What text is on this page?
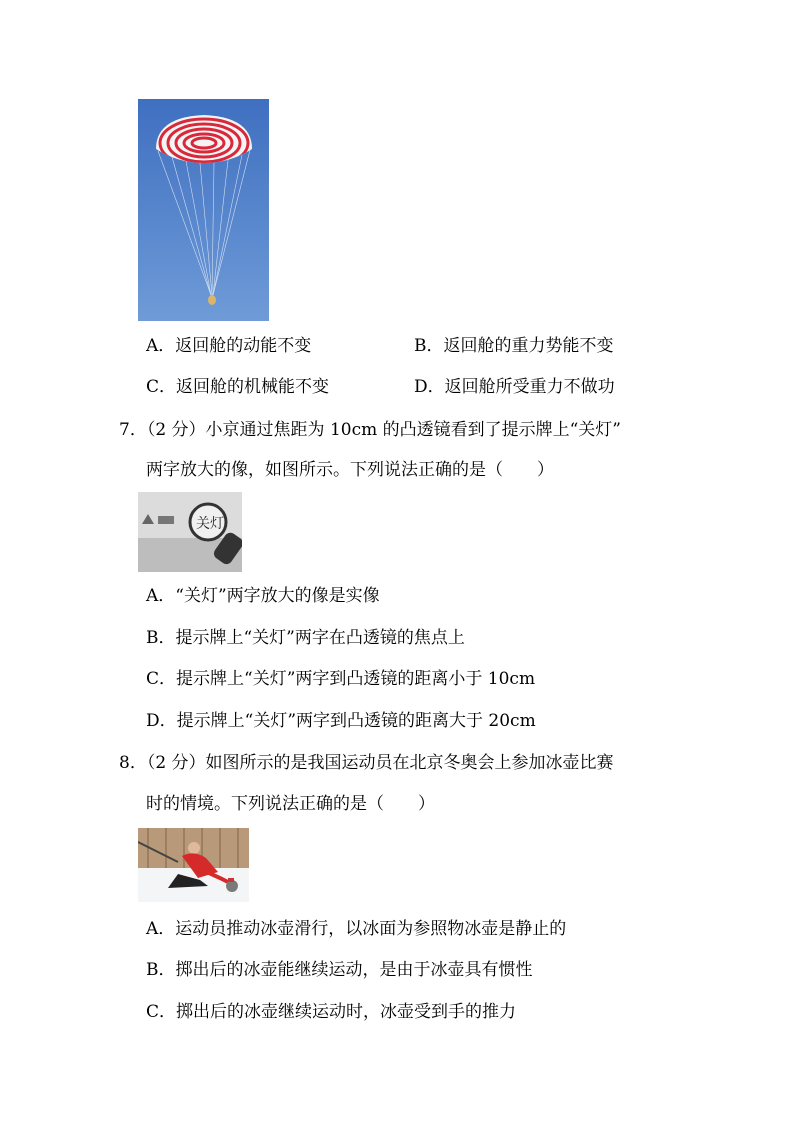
A．返回舱的动能不变	B．返回舱的重力势能不变
C．返回舱的机械能不变	D．返回舱所受重力不做功
7．（2 分）小京通过焦距为 10cm 的凸透镜看到了提示牌上“关灯”
两字放大的像，如图所示。下列说法正确的是（　　）
关灯
A．“关灯”两字放大的像是实像
B．提示牌上“关灯”两字在凸透镜的焦点上
C．提示牌上“关灯”两字到凸透镜的距离小于 10cm
D．提示牌上“关灯”两字到凸透镜的距离大于 20cm
8．（2 分）如图所示的是我国运动员在北京冬奥会上参加冰壶比赛
时的情境。下列说法正确的是（　　）
A．运动员推动冰壶滑行，以冰面为参照物冰壶是静止的
B．掷出后的冰壶能继续运动，是由于冰壶具有惯性
C．掷出后的冰壶继续运动时，冰壶受到手的推力
